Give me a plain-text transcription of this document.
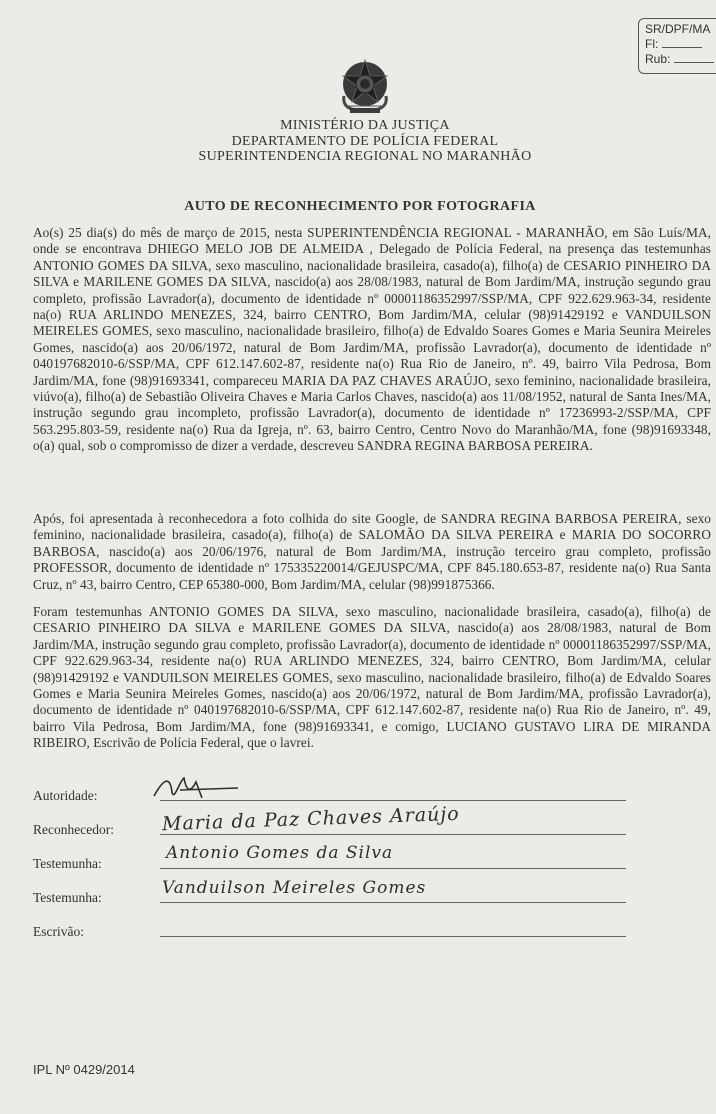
SR/DPF/MA
Fl:
Rub:
MINISTÉRIO DA JUSTIÇA
DEPARTAMENTO DE POLÍCIA FEDERAL
SUPERINTENDENCIA REGIONAL NO MARANHÃO
AUTO DE RECONHECIMENTO POR FOTOGRAFIA
Ao(s) 25 dia(s) do mês de março de 2015, nesta SUPERINTENDÊNCIA REGIONAL - MARANHÃO, em São Luís/MA, onde se encontrava DHIEGO MELO JOB DE ALMEIDA , Delegado de Polícia Federal, na presença das testemunhas ANTONIO GOMES DA SILVA, sexo masculino, nacionalidade brasileira, casado(a), filho(a) de CESARIO PINHEIRO DA SILVA e MARILENE GOMES DA SILVA, nascido(a) aos 28/08/1983, natural de Bom Jardim/MA, instrução segundo grau completo, profissão Lavrador(a), documento de identidade nº 00001186352997/SSP/MA, CPF 922.629.963-34, residente na(o) RUA ARLINDO MENEZES, 324, bairro CENTRO, Bom Jardim/MA, celular (98)91429192 e VANDUILSON MEIRELES GOMES, sexo masculino, nacionalidade brasileiro, filho(a) de Edvaldo Soares Gomes e Maria Seunira Meireles Gomes, nascido(a) aos 20/06/1972, natural de Bom Jardim/MA, profissão Lavrador(a), documento de identidade nº 040197682010-6/SSP/MA, CPF 612.147.602-87, residente na(o) Rua Rio de Janeiro, nº. 49, bairro Vila Pedrosa, Bom Jardim/MA, fone (98)91693341, compareceu MARIA DA PAZ CHAVES ARAÚJO, sexo feminino, nacionalidade brasileira, viúvo(a), filho(a) de Sebastião Oliveira Chaves e Maria Carlos Chaves, nascido(a) aos 11/08/1952, natural de Santa Ines/MA, instrução segundo grau incompleto, profissão Lavrador(a), documento de identidade nº 17236993-2/SSP/MA, CPF 563.295.803-59, residente na(o) Rua da Igreja, nº. 63, bairro Centro, Centro Novo do Maranhão/MA, fone (98)91693348, o(a) qual, sob o compromisso de dizer a verdade, descreveu SANDRA REGINA BARBOSA PEREIRA.
Após, foi apresentada à reconhecedora a foto colhida do site Google, de SANDRA REGINA BARBOSA PEREIRA, sexo feminino, nacionalidade brasileira, casado(a), filho(a) de SALOMÃO DA SILVA PEREIRA e MARIA DO SOCORRO BARBOSA, nascido(a) aos 20/06/1976, natural de Bom Jardim/MA, instrução terceiro grau completo, profissão PROFESSOR, documento de identidade nº 175335220014/GEJUSPC/MA, CPF 845.180.653-87, residente na(o) Rua Santa Cruz, nº 43, bairro Centro, CEP 65380-000, Bom Jardim/MA, celular (98)991875366.
Foram testemunhas ANTONIO GOMES DA SILVA, sexo masculino, nacionalidade brasileira, casado(a), filho(a) de CESARIO PINHEIRO DA SILVA e MARILENE GOMES DA SILVA, nascido(a) aos 28/08/1983, natural de Bom Jardim/MA, instrução segundo grau completo, profissão Lavrador(a), documento de identidade nº 00001186352997/SSP/MA, CPF 922.629.963-34, residente na(o) RUA ARLINDO MENEZES, 324, bairro CENTRO, Bom Jardim/MA, celular (98)91429192 e VANDUILSON MEIRELES GOMES, sexo masculino, nacionalidade brasileiro, filho(a) de Edvaldo Soares Gomes e Maria Seunira Meireles Gomes, nascido(a) aos 20/06/1972, natural de Bom Jardim/MA, profissão Lavrador(a), documento de identidade nº 040197682010-6/SSP/MA, CPF 612.147.602-87, residente na(o) Rua Rio de Janeiro, nº. 49, bairro Vila Pedrosa, Bom Jardim/MA, fone (98)91693341, e comigo, LUCIANO GUSTAVO LIRA DE MIRANDA RIBEIRO, Escrivão de Polícia Federal, que o lavrei.
Autoridade:
Reconhecedor:	Maria da Paz Chaves Araújo
Testemunha:
Antonio Gomes da Silva
Testemunha:	Vanduilson Meireles Gomes
Escrivão:
IPL Nº 0429/2014
